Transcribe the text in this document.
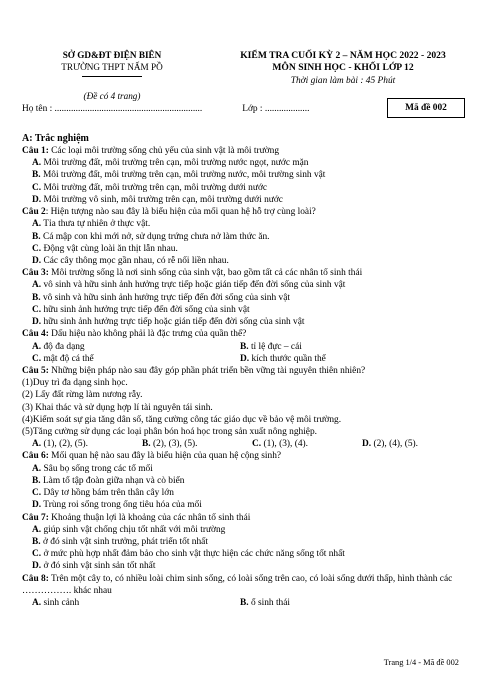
SỞ GD&ĐT ĐIỆN BIÊN
TRƯỜNG THPT NẤM PỒ
(Đề có 4 trang)
KIỂM TRA CUỐI KỲ 2 – NĂM HỌC 2022 - 2023
MÔN SINH HỌC - KHỐI LỚP 12
Thời gian làm bài : 45 Phút
Họ tên : ...............................................................	Lớp : ...................	Mã đề 002
A: Trắc nghiệm
Câu 1: Các loại môi trường sống chủ yếu của sinh vật là môi trường
A. Môi trường đất, môi trường trên cạn, môi trường nước ngọt, nước mặn
B. Môi trường đất, môi trường trên cạn, môi trường nước, môi trường sinh vật
C. Môi trường đất, môi trường trên cạn, môi trường dưới nước
D. Môi trường vô sinh, môi trường trên cạn, môi trường dưới nước
Câu 2: Hiện tượng nào sau đây là biểu hiện của mối quan hệ hỗ trợ cùng loài?
A. Tỉa thưa tự nhiên ở thực vật.
B. Cá mập con khi mới nở, sử dụng trứng chưa nở làm thức ăn.
C. Động vật cùng loài ăn thịt lẫn nhau.
D. Các cây thông mọc gần nhau, có rễ nối liền nhau.
Câu 3: Môi trường sống là nơi sinh sống của sinh vật, bao gồm tất cả các nhân tố sinh thái
A. vô sinh và hữu sinh ảnh hưởng trực tiếp hoặc gián tiếp đến đời sống của sinh vật
B. vô sinh và hữu sinh ảnh hưởng trực tiếp đến đời sống của sinh vật
C. hữu sinh ảnh hưởng trực tiếp đến đời sống của sinh vật
D. hữu sinh ảnh hưởng trực tiếp hoặc gián tiếp đến đời sống của sinh vật
Câu 4: Dấu hiệu nào không phải là đặc trưng của quần thể?
A. độ đa dạng	B. tỉ lệ đực – cái
C. mật độ cá thể	D. kích thước quần thể
Câu 5: Những biện pháp nào sau đây góp phần phát triển bền vững tài nguyên thiên nhiên?
(1)Duy trì đa dạng sinh học.
(2) Lấy đất rừng làm nương rẫy.
(3) Khai thác và sử dụng hợp lí tài nguyên tái sinh.
(4)Kiểm soát sự gia tăng dân số, tăng cường công tác giáo dục về bảo vệ môi trường.
(5)Tăng cường sử dụng các loại phân bón hoá học trong sản xuất nông nghiệp.
A. (1), (2), (5).	B. (2), (3), (5).	C. (1), (3), (4).	D. (2), (4), (5).
Câu 6: Mối quan hệ nào sau đây là biểu hiện của quan hệ cộng sinh?
A. Sâu bọ sống trong các tổ mối
B. Làm tổ tập đoàn giữa nhạn và cò biển
C. Dây tơ hồng bám trên thân cây lớn
D. Trùng roi sống trong ống tiêu hóa của mối
Câu 7: Khoảng thuận lợi là khoảng của các nhân tố sinh thái
A. giúp sinh vật chống chịu tốt nhất với môi trường
B. ở đó sinh vật sinh trưởng, phát triển tốt nhất
C. ở mức phù hợp nhất đảm bảo cho sinh vật thực hiện các chức năng sống tốt nhất
D. ở đó sinh vật sinh sản tốt nhất
Câu 8: Trên một cây to, có nhiều loài chim sinh sống, có loài sống trên cao, có loài sống dưới thấp, hình thành các ……………. khác nhau
A. sinh cảnh	B. ổ sinh thái
Trang 1/4 - Mã đề 002
